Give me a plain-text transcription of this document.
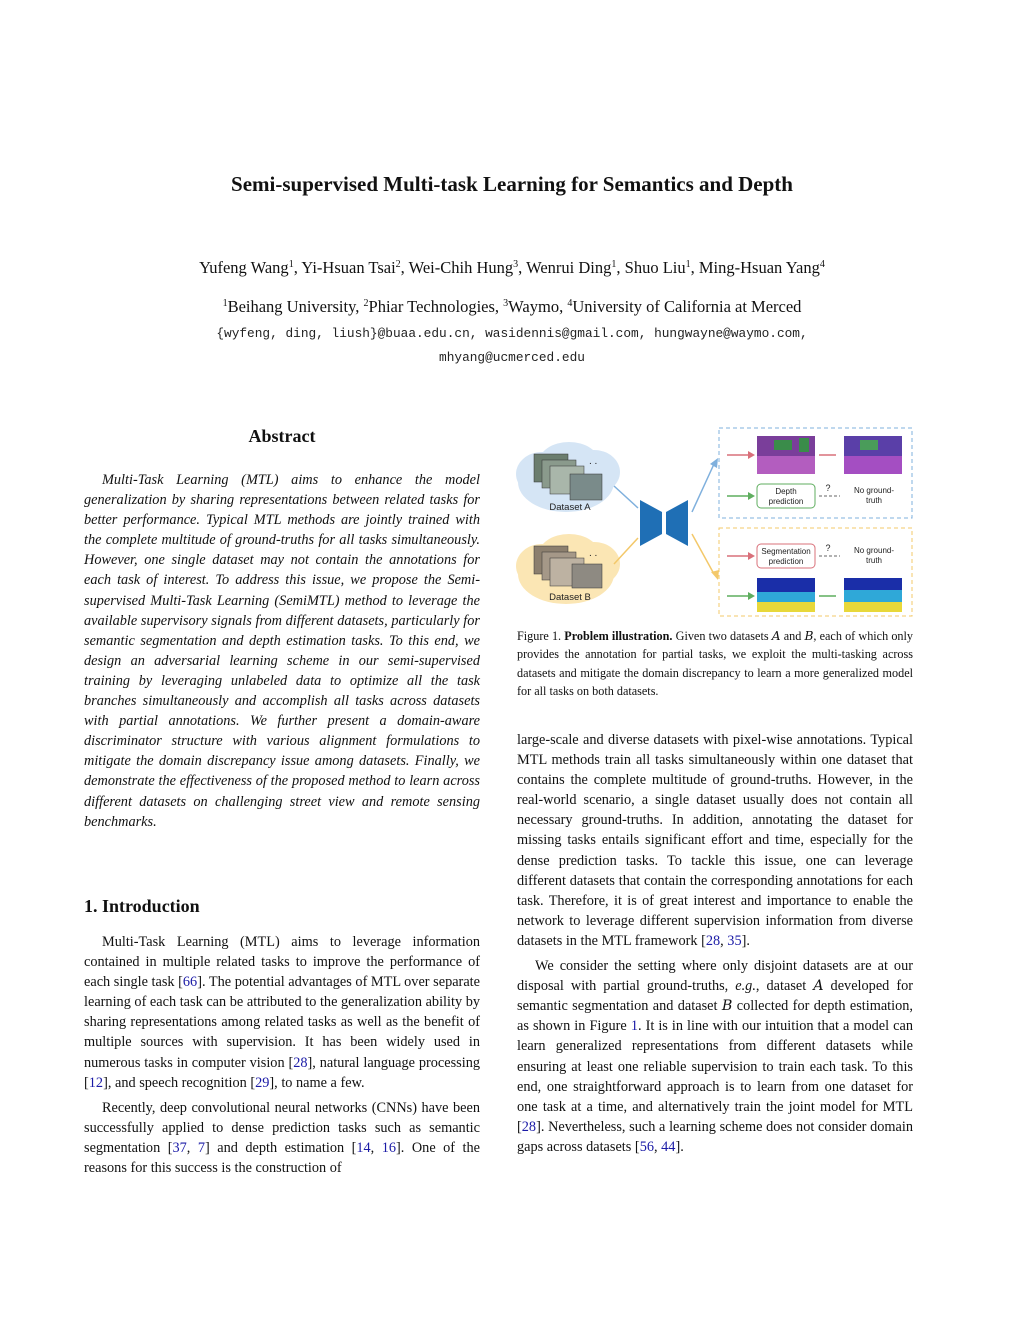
Semi-supervised Multi-task Learning for Semantics and Depth
Yufeng Wang$^1$, Yi-Hsuan Tsai$^2$, Wei-Chih Hung$^3$, Wenrui Ding$^1$, Shuo Liu$^1$, Ming-Hsuan Yang$^4$
$^1$Beihang University, $^2$Phiar Technologies, $^3$Waymo, $^4$University of California at Merced
{wyfeng, ding, liush}@buaa.edu.cn, wasidennis@gmail.com, hungwayne@waymo.com,
mhyang@ucmerced.edu
Abstract
Multi-Task Learning (MTL) aims to enhance the model generalization by sharing representations between related tasks for better performance. Typical MTL methods are jointly trained with the complete multitude of ground-truths for all tasks simultaneously. However, one single dataset may not contain the annotations for each task of interest. To address this issue, we propose the Semi-supervised Multi-Task Learning (SemiMTL) method to leverage the available supervisory signals from different datasets, particularly for semantic segmentation and depth estimation tasks. To this end, we design an adversarial learning scheme in our semi-supervised training by leveraging unlabeled data to optimize all the task branches simultaneously and accomplish all tasks across datasets with partial annotations. We further present a domain-aware discriminator structure with various alignment formulations to mitigate the domain discrepancy issue among datasets. Finally, we demonstrate the effectiveness of the proposed method to learn across different datasets on challenging street view and remote sensing benchmarks.
1. Introduction

Multi-Task Learning (MTL) aims to leverage information contained in multiple related tasks to improve the performance of each single task [66]. The potential advantages of MTL over separate learning of each task can be attributed to the generalization ability by sharing representations among related tasks as well as the benefit of multiple sources with supervision. It has been widely used in numerous tasks in computer vision [28], natural language processing [12], and speech recognition [29], to name a few.

Recently, deep convolutional neural networks (CNNs) have been successfully applied to dense prediction tasks such as semantic segmentation [37, 7] and depth estimation [14, 16]. One of the reasons for this success is the construction of

. .
Dataset A
. .
Dataset B
Depth
prediction
?	No ground-
truth
Segmentation
prediction
?	No ground-
truth
Figure 1. Problem illustration. Given two datasets A and B, each of which only provides the annotation for partial tasks, we exploit the multi-tasking across datasets and mitigate the domain discrepancy to learn a more generalized model for all tasks on both datasets.

large-scale and diverse datasets with pixel-wise annotations. Typical MTL methods train all tasks simultaneously within one dataset that contains the complete multitude of ground-truths. However, in the real-world scenario, a single dataset usually does not contain all necessary ground-truths. In addition, annotating the dataset for missing tasks entails significant effort and time, especially for the dense prediction tasks. To tackle this issue, one can leverage different datasets that contain the corresponding annotations for each task. Therefore, it is of great interest and importance to enable the network to leverage different supervision information from diverse datasets in the MTL framework [28, 35].

We consider the setting where only disjoint datasets are at our disposal with partial ground-truths, e.g., dataset A developed for semantic segmentation and dataset B collected for depth estimation, as shown in Figure 1. It is in line with our intuition that a model can learn generalized representations from different datasets while ensuring at least one reliable supervision to train each task. To this end, one straightforward approach is to learn from one dataset for one task at a time, and alternatively train the joint model for MTL [28]. Nevertheless, such a learning scheme does not consider domain gaps across datasets [56, 44].
